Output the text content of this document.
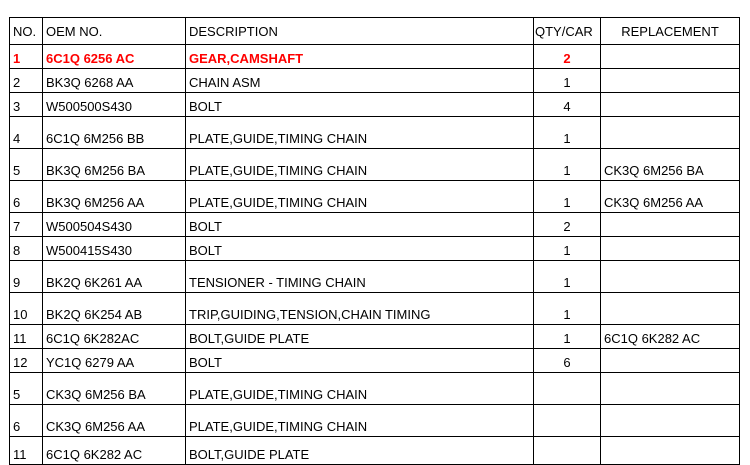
NO.	OEM NO.	DESCRIPTION	QTY/CAR	REPLACEMENT
1	6C1Q 6256 AC	GEAR,CAMSHAFT	2	
2	BK3Q 6268 AA	CHAIN ASM	1	
3	W500500S430	BOLT	4	
4	6C1Q 6M256 BB	PLATE,GUIDE,TIMING CHAIN	1	
5	BK3Q 6M256 BA	PLATE,GUIDE,TIMING CHAIN	1	CK3Q 6M256 BA
6	BK3Q 6M256 AA	PLATE,GUIDE,TIMING CHAIN	1	CK3Q 6M256 AA
7	W500504S430	BOLT	2	
8	W500415S430	BOLT	1	
9	BK2Q 6K261 AA	TENSIONER - TIMING CHAIN	1	
10	BK2Q 6K254 AB	TRIP,GUIDING,TENSION,CHAIN TIMING	1	
11	6C1Q 6K282AC	BOLT,GUIDE PLATE	1	6C1Q 6K282 AC
12	YC1Q 6279 AA	BOLT	6	
5	CK3Q 6M256 BA	PLATE,GUIDE,TIMING CHAIN		
6	CK3Q 6M256 AA	PLATE,GUIDE,TIMING CHAIN		
11	6C1Q 6K282 AC	BOLT,GUIDE PLATE		
